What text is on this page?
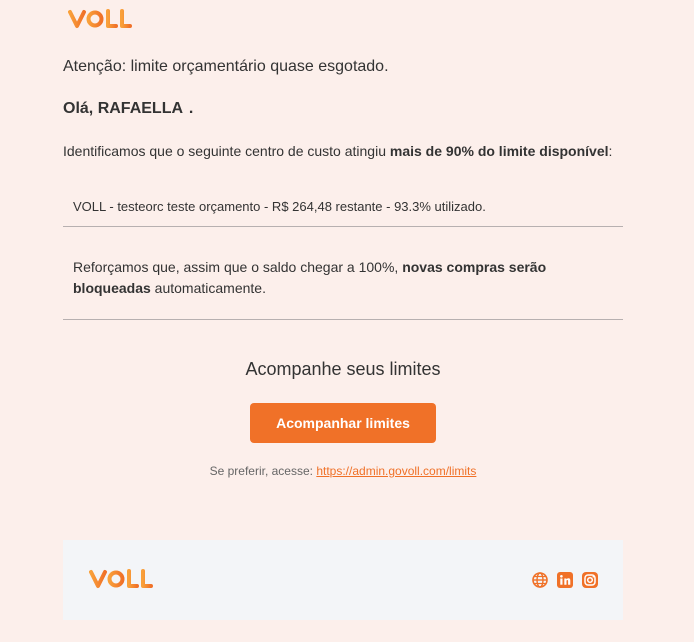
Atenção: limite orçamentário quase esgotado.
Olá, RAFAELLA .
Identificamos que o seguinte centro de custo atingiu mais de 90% do limite disponível:
VOLL - testeorc teste orçamento - R$ 264,48 restante - 93.3% utilizado.
Reforçamos que, assim que o saldo chegar a 100%, novas compras serão bloqueadas automaticamente.
Acompanhe seus limites
Acompanhar limites
Se preferir, acesse: https://admin.govoll.com/limits
